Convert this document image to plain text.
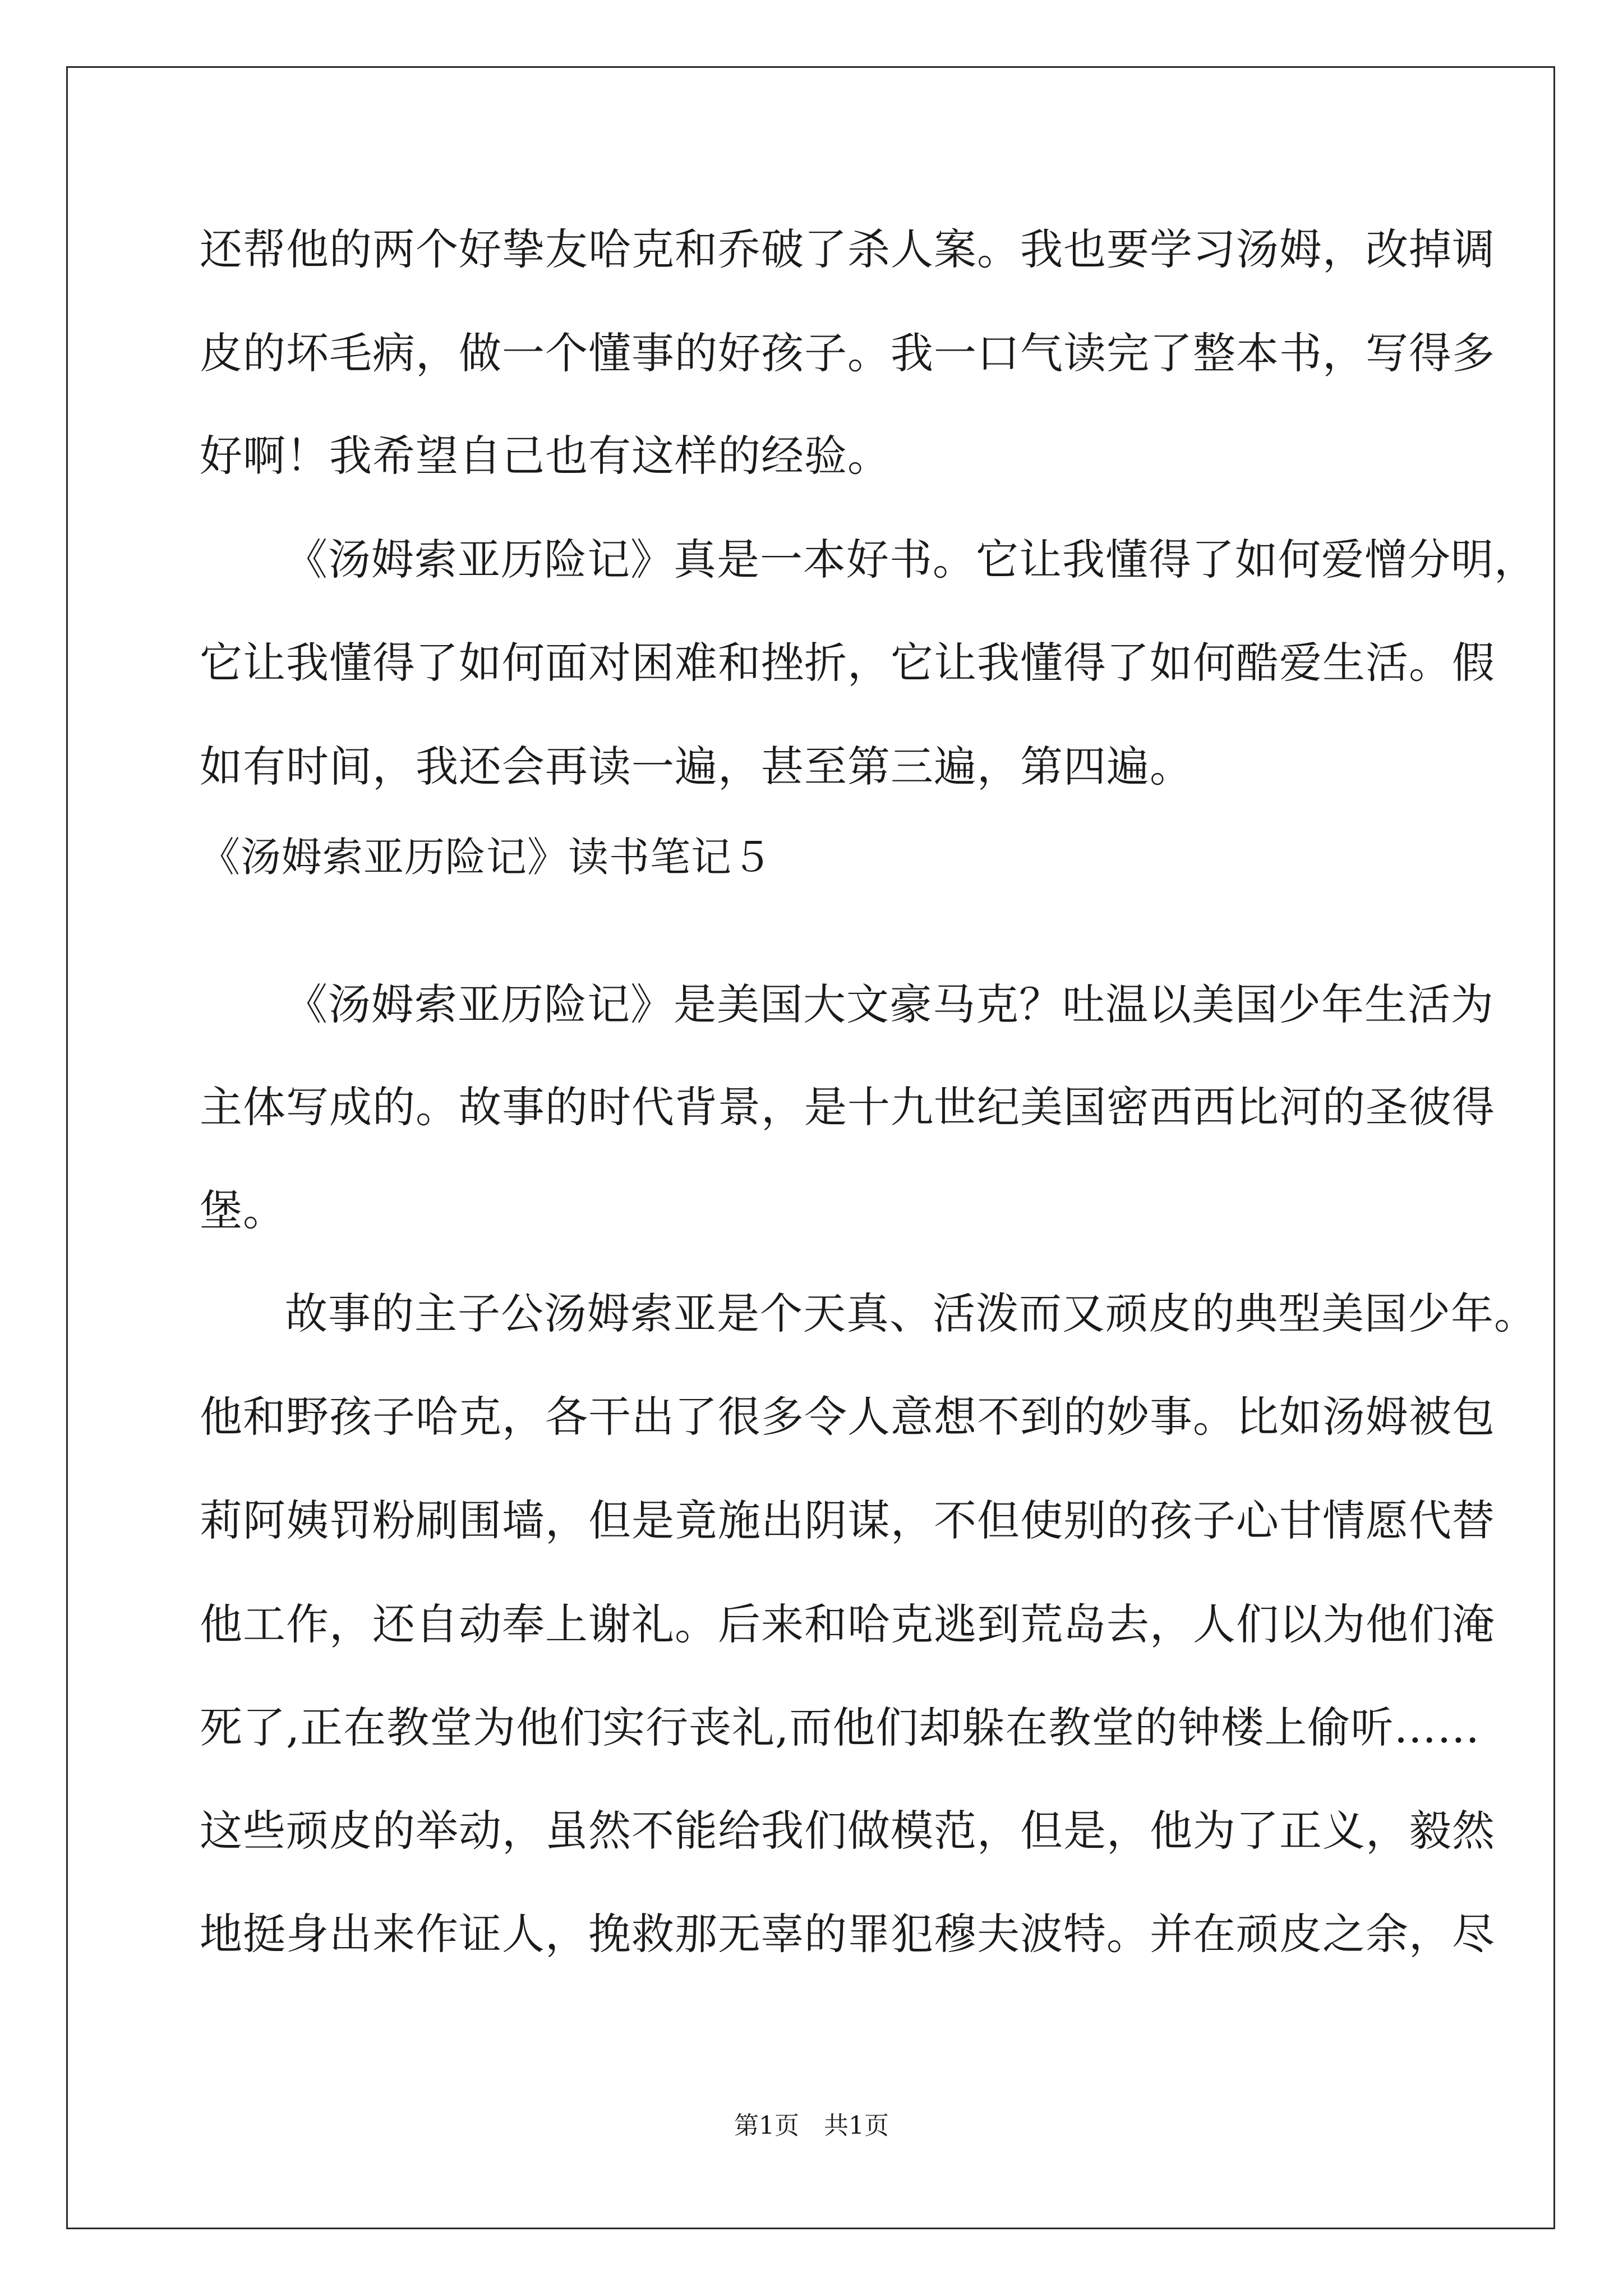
还帮他的两个好挚友哈克和乔破了杀人案。我也要学习汤姆，改掉调
皮的坏毛病，做一个懂事的好孩子。我一口气读完了整本书，写得多
好啊！我希望自己也有这样的经验。
《汤姆索亚历险记》真是一本好书。它让我懂得了如何爱憎分明，
它让我懂得了如何面对困难和挫折，它让我懂得了如何酷爱生活。假
如有时间，我还会再读一遍，甚至第三遍，第四遍。
《汤姆索亚历险记》读书笔记５
《汤姆索亚历险记》是美国大文豪马克？吐温以美国少年生活为
主体写成的。故事的时代背景，是十九世纪美国密西西比河的圣彼得
堡。
故事的主子公汤姆索亚是个天真、活泼而又顽皮的典型美国少年。
他和野孩子哈克，各干出了很多令人意想不到的妙事。比如汤姆被包
莉阿姨罚粉刷围墙，但是竟施出阴谋，不但使别的孩子心甘情愿代替
他工作，还自动奉上谢礼。后来和哈克逃到荒岛去，人们以为他们淹
死了,正在教堂为他们实行丧礼,而他们却躲在教堂的钟楼上偷听……
这些顽皮的举动，虽然不能给我们做模范，但是，他为了正义，毅然
地挺身出来作证人，挽救那无辜的罪犯穆夫波特。并在顽皮之余，尽
第1页　共1页
